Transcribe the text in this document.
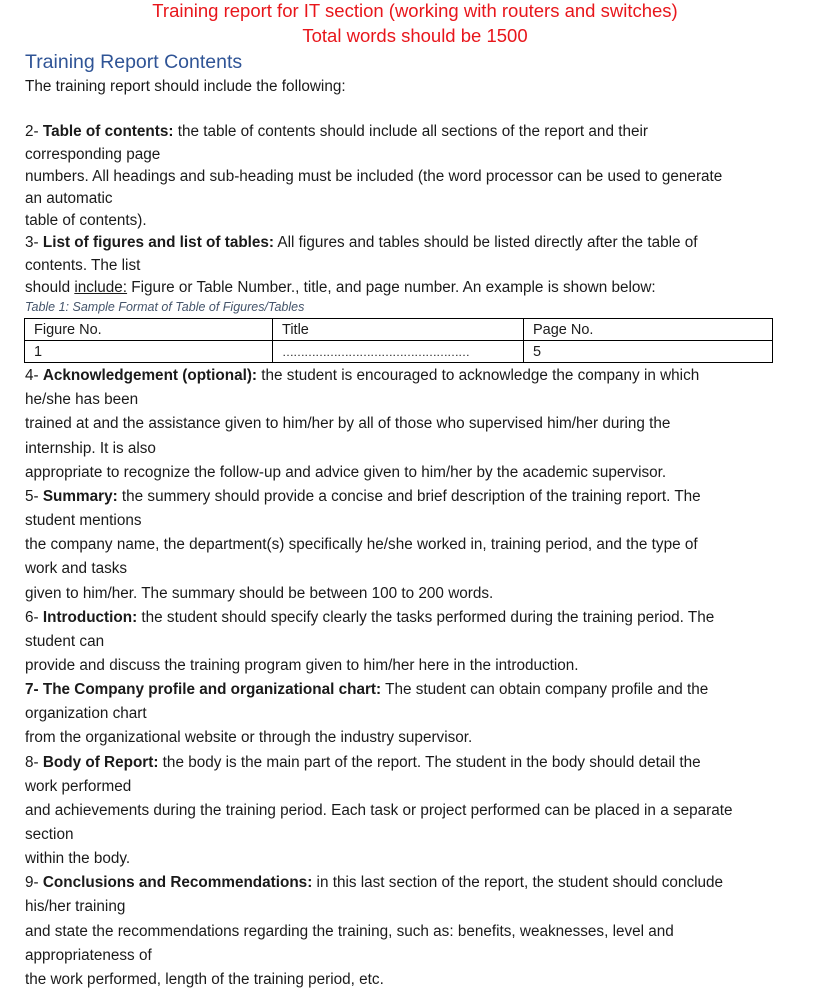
Training report for IT section (working with routers and switches)
Total words should be 1500
Training Report Contents
The training report should include the following:
2- Table of contents: the table of contents should include all sections of the report and their
corresponding page
numbers. All headings and sub-heading must be included (the word processor can be used to generate
an automatic
table of contents).
3- List of figures and list of tables: All figures and tables should be listed directly after the table of
contents. The list
should include: Figure or Table Number., title, and page number. An example is shown below:
Table 1: Sample Format of Table of Figures/Tables
Figure No.	Title	Page No.
1	……………………………………………	5
4- Acknowledgement (optional): the student is encouraged to acknowledge the company in which
he/she has been
trained at and the assistance given to him/her by all of those who supervised him/her during the
internship. It is also
appropriate to recognize the follow-up and advice given to him/her by the academic supervisor.
5- Summary: the summery should provide a concise and brief description of the training report. The
student mentions
the company name, the department(s) specifically he/she worked in, training period, and the type of
work and tasks
given to him/her. The summary should be between 100 to 200 words.
6- Introduction: the student should specify clearly the tasks performed during the training period. The
student can
provide and discuss the training program given to him/her here in the introduction.
7- The Company profile and organizational chart: The student can obtain company profile and the
organization chart
from the organizational website or through the industry supervisor.
8- Body of Report: the body is the main part of the report. The student in the body should detail the
work performed
and achievements during the training period. Each task or project performed can be placed in a separate
section
within the body.
9- Conclusions and Recommendations: in this last section of the report, the student should conclude
his/her training
and state the recommendations regarding the training, such as: benefits, weaknesses, level and
appropriateness of
the work performed, length of the training period, etc.
